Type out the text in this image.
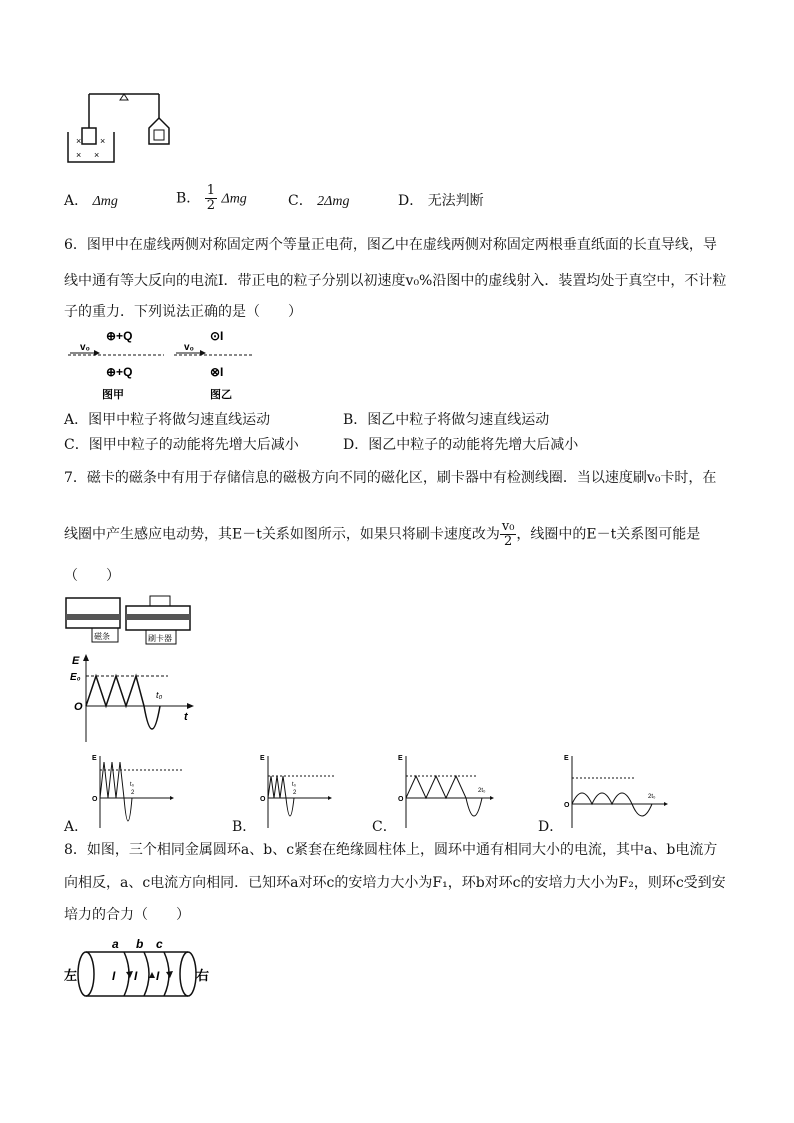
× ×
× ×
A． Δmg	B． $\frac{1}{2}$ Δmg	C． 2Δmg	D． 无法判断
6．图甲中在虚线两侧对称固定两个等量正电荷，图乙中在虚线两侧对称固定两根垂直纸面的长直导线，导
线中通有等大反向的电流I．带正电的粒子分别以初速度v₀%沿图中的虚线射入．装置均处于真空中，不计粒
子的重力．下列说法正确的是（　　）
v₀	v₀
⊕+Q
⊕+Q
图甲
⊙I
⊗I
图乙
A．图甲中粒子将做匀速直线运动	B．图乙中粒子将做匀速直线运动
C．图甲中粒子的动能将先增大后减小	D．图乙中粒子的动能将先增大后减小
7．磁卡的磁条中有用于存储信息的磁极方向不同的磁化区，刷卡器中有检测线圈．当以速度刷v₀卡时，在
线圈中产生感应电动势，其E－t关系如图所示，如果只将刷卡速度改为 $\frac{\text{v₀}}{2}$ ，线圈中的E－t关系图可能是
（　　）
磁条	刷卡器
E
E₀
O
t₀
t
E
O
t₀
2
E
O
t₀
2
E
O
2t₀
E
O
2t₀
A．	B．	C．	D．
8．如图，三个相同金属圆环a、b、c紧套在绝缘圆柱体上，圆环中通有相同大小的电流，其中a、b电流方
向相反，a、c电流方向相同．已知环a对环c的安培力大小为F₁，环b对环c的安培力大小为F₂，则环c受到安
培力的合力（　　）
左	右
a b c
I I I
